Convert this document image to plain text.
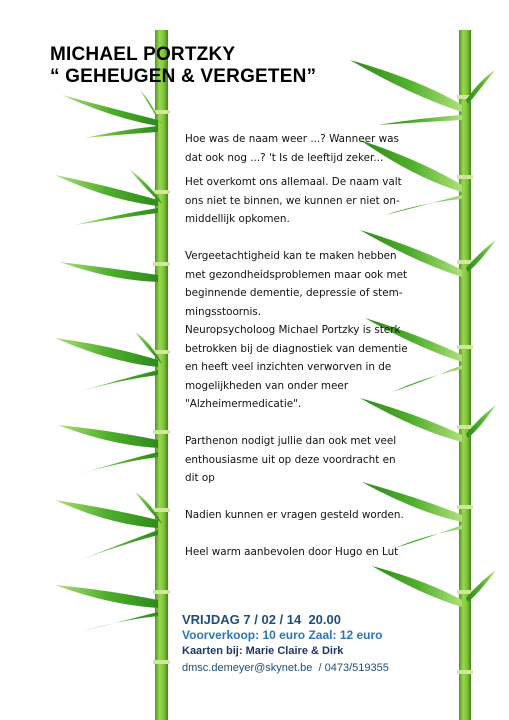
MICHAEL PORTZKY
“ GEHEUGEN & VERGETEN”

Hoe was de naam weer ...? Wanneer was

dat ook nog ...? 't Is de leeftijd zeker...

Het overkomt ons allemaal. De naam valt

ons niet te binnen, we kunnen er niet on-

middellijk opkomen.

Vergeetachtigheid kan te maken hebben

met gezondheidsproblemen maar ook met

beginnende dementie, depressie of stem-

mingsstoornis.

Neuropsycholoog Michael Portzky is sterk

betrokken bij de diagnostiek van dementie

en heeft veel inzichten verworven in de

mogelijkheden van onder meer

"Alzheimermedicatie".

Parthenon nodigt jullie dan ook met veel

enthousiasme uit op deze voordracht en

dit op

Nadien kunnen er vragen gesteld worden.

Heel warm aanbevolen door Hugo en Lut

VRIJDAG 7 / 02 / 14  20.00
Voorverkoop: 10 euro Zaal: 12 euro
Kaarten bij: Marie Claire & Dirk
dmsc.demeyer@skynet.be  / 0473/519355
